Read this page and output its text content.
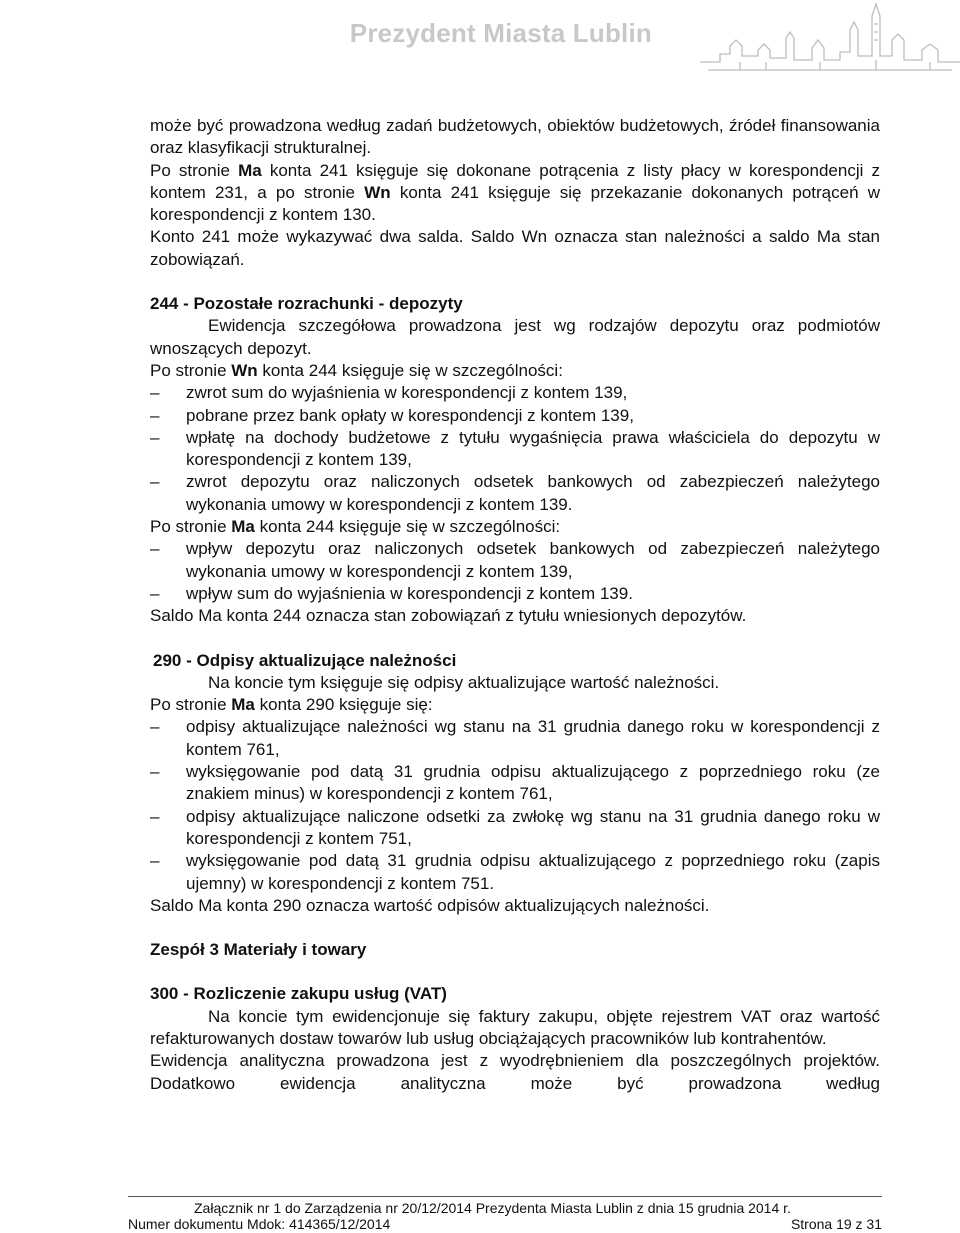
Prezydent Miasta Lublin

może być prowadzona według zadań budżetowych, obiektów budżetowych, źródeł finansowania oraz klasyfikacji strukturalnej.

Po stronie Ma konta 241 księguje się dokonane potrącenia z listy płacy w korespondencji z kontem 231, a po stronie Wn konta 241 księguje się przekazanie dokonanych potrąceń w korespondencji z kontem 130.

Konto 241 może wykazywać dwa salda. Saldo Wn oznacza stan należności a saldo Ma stan zobowiązań.

244 - Pozostałe rozrachunki - depozyty

Ewidencja szczegółowa prowadzona jest wg rodzajów depozytu oraz podmiotów wnoszących depozyt.

Po stronie Wn konta 244 księguje się w szczególności:

– zwrot sum do wyjaśnienia w korespondencji z kontem 139,
– pobrane przez bank opłaty w korespondencji z kontem 139,
– wpłatę na dochody budżetowe z tytułu wygaśnięcia prawa właściciela do depozytu w korespondencji z kontem 139,
– zwrot depozytu oraz naliczonych odsetek bankowych od zabezpieczeń należytego wykonania umowy w korespondencji z kontem 139.

Po stronie Ma konta 244 księguje się w szczególności:

– wpływ depozytu oraz naliczonych odsetek bankowych od zabezpieczeń należytego wykonania umowy w korespondencji z kontem 139,
– wpływ sum do wyjaśnienia w korespondencji z kontem 139.

Saldo Ma konta 244 oznacza stan zobowiązań z tytułu wniesionych depozytów.

290 - Odpisy aktualizujące należności

Na koncie tym księguje się odpisy aktualizujące wartość należności.

Po stronie Ma konta 290 księguje się:

– odpisy aktualizujące należności wg stanu na 31 grudnia danego roku w korespondencji z kontem 761,
– wyksięgowanie pod datą 31 grudnia odpisu aktualizującego z poprzedniego roku (ze znakiem minus) w korespondencji z kontem 761,
– odpisy aktualizujące naliczone odsetki za zwłokę wg stanu na 31 grudnia danego roku w korespondencji z kontem 751,
– wyksięgowanie pod datą 31 grudnia odpisu aktualizującego z poprzedniego roku (zapis ujemny) w korespondencji z kontem 751.

Saldo Ma konta 290 oznacza wartość odpisów aktualizujących należności.

Zespół 3 Materiały i towary

300 - Rozliczenie zakupu usług (VAT)

Na koncie tym ewidencjonuje się faktury zakupu, objęte rejestrem VAT oraz wartość refakturowanych dostaw towarów lub usług obciążających pracowników lub kontrahentów.

Ewidencja analityczna prowadzona jest z wyodrębnieniem dla poszczególnych projektów. Dodatkowo ewidencja analityczna może być prowadzona według

Załącznik nr 1 do Zarządzenia nr 20/12/2014 Prezydenta Miasta Lublin z dnia 15 grudnia 2014 r.
Numer dokumentu Mdok: 414365/12/2014	Strona 19 z 31
